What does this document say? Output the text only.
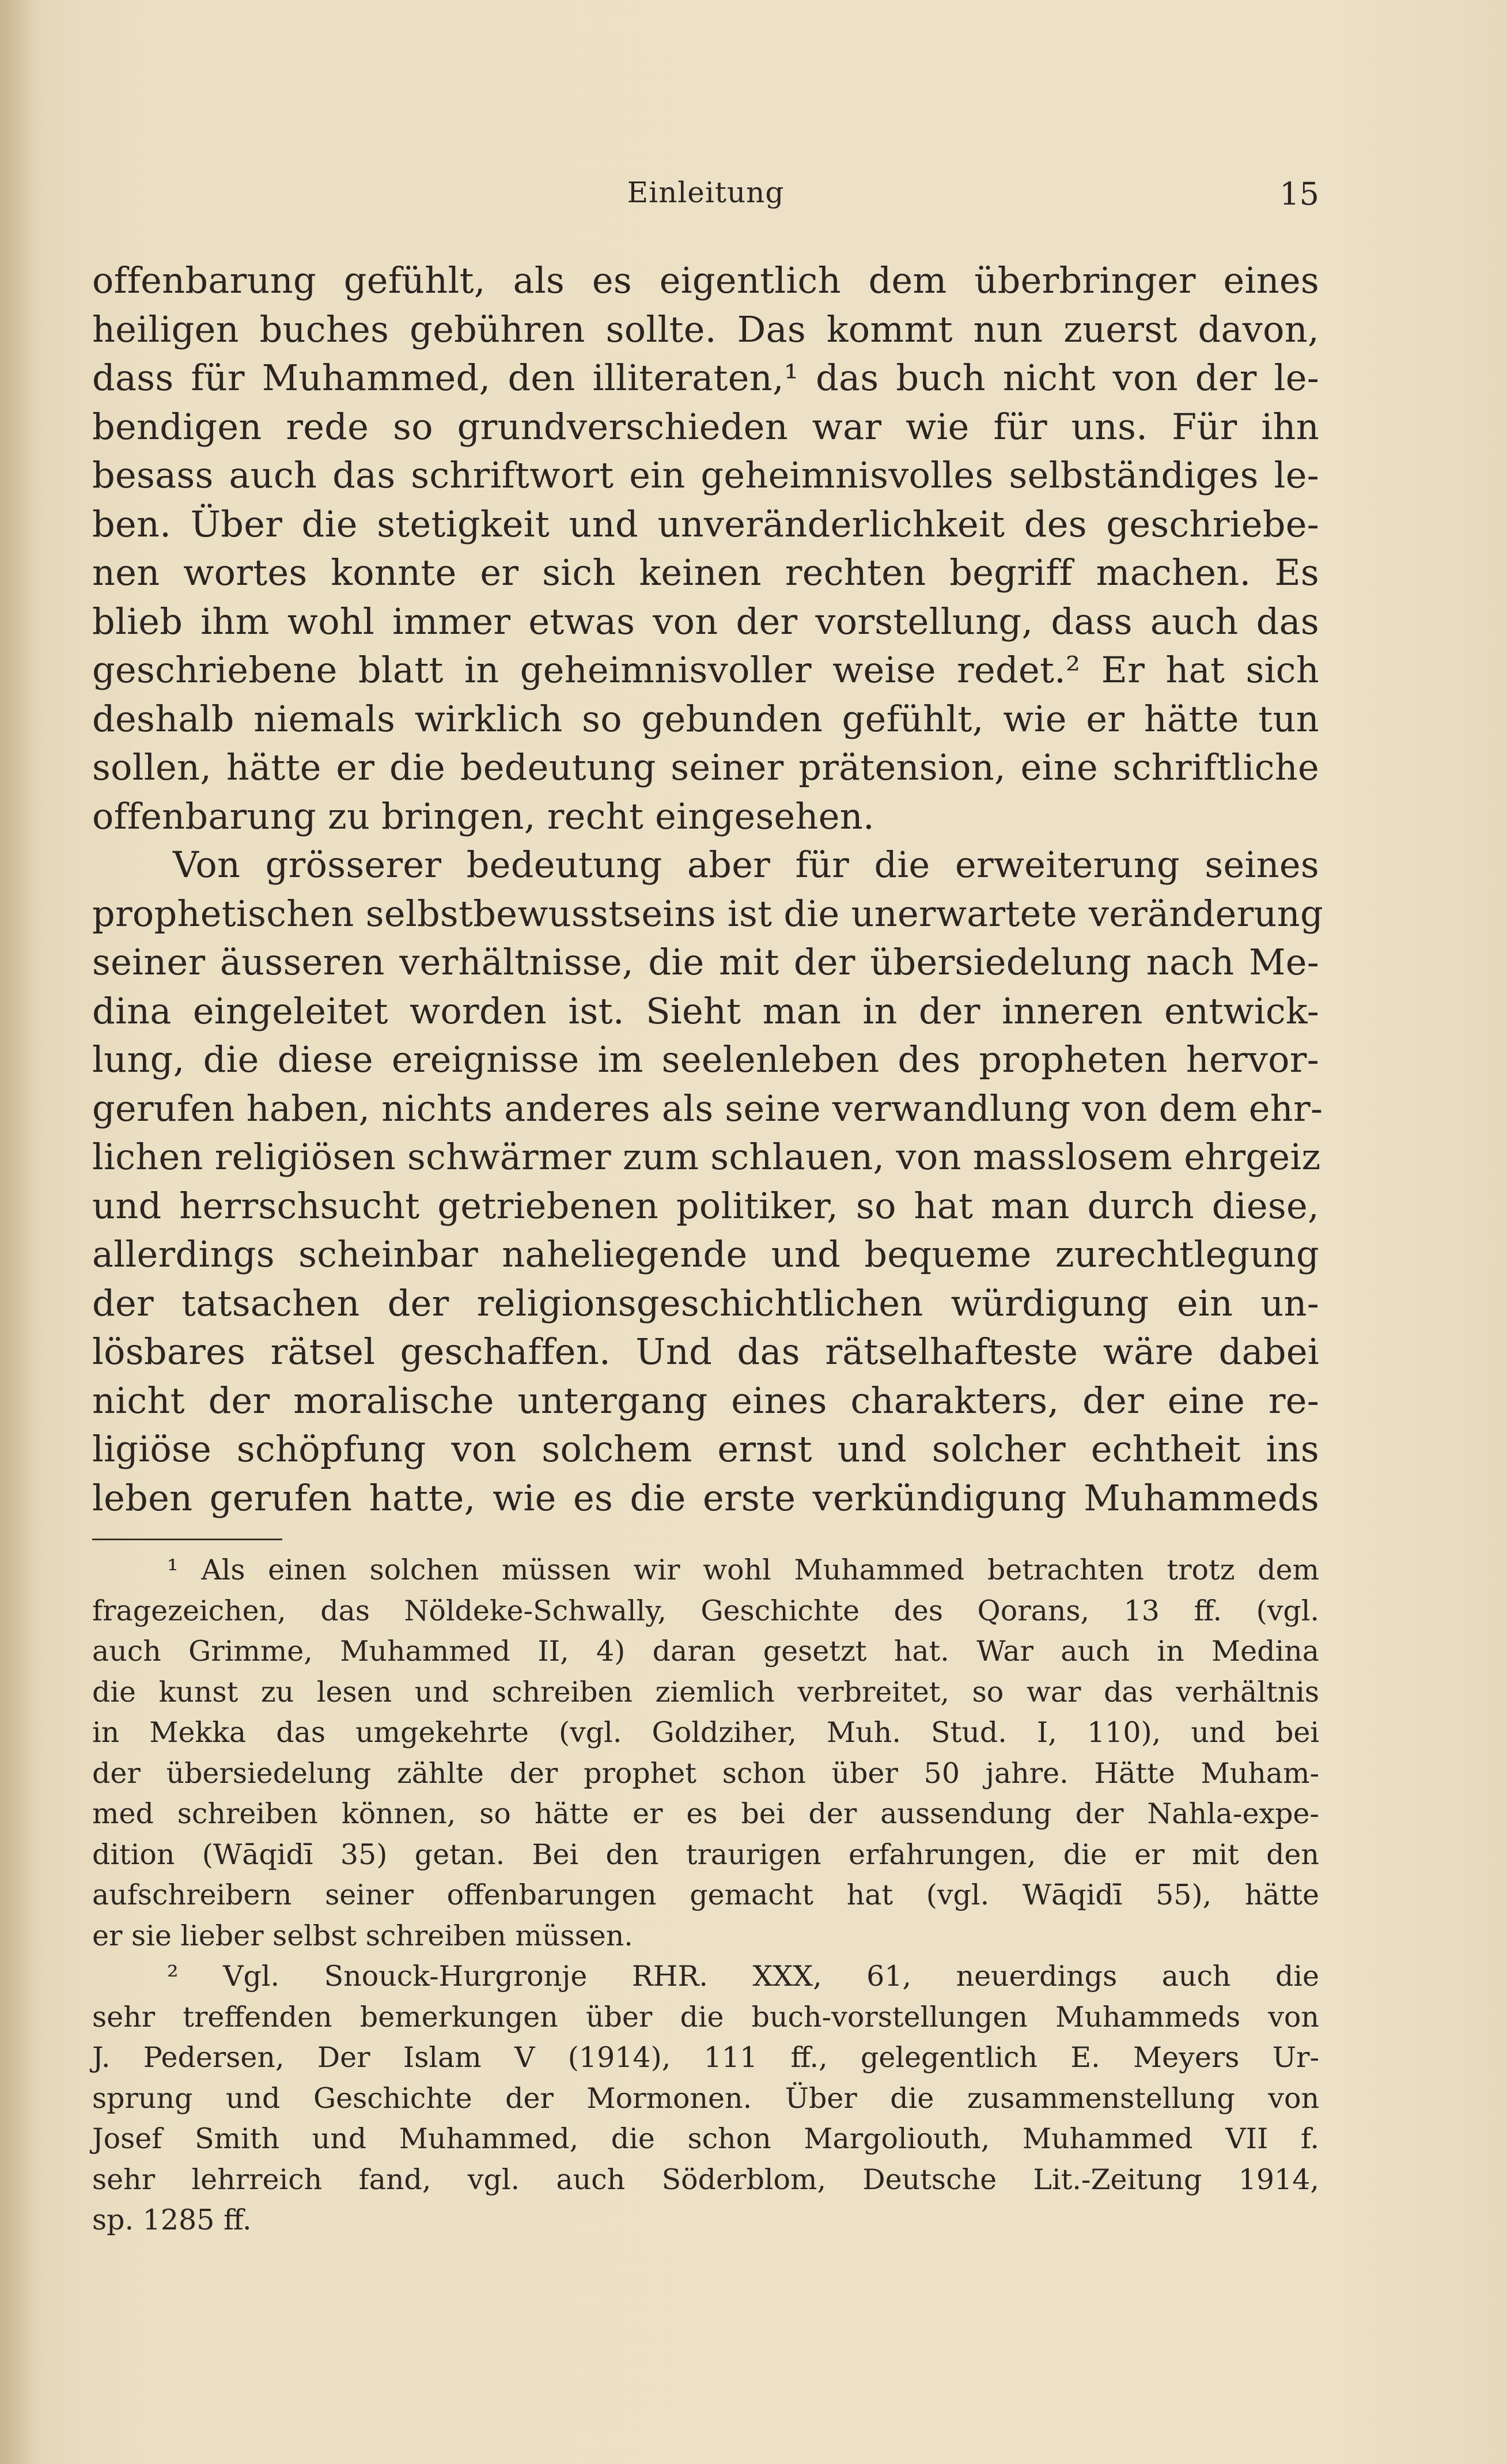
Einleitung	15
offenbarung gefühlt, als es eigentlich dem überbringer eines
heiligen buches gebühren sollte. Das kommt nun zuerst davon,
dass für Muhammed, den illiteraten,¹ das buch nicht von der le-
bendigen rede so grundverschieden war wie für uns. Für ihn
besass auch das schriftwort ein geheimnisvolles selbständiges le-
ben. Über die stetigkeit und unveränderlichkeit des geschriebe-
nen wortes konnte er sich keinen rechten begriff machen. Es
blieb ihm wohl immer etwas von der vorstellung, dass auch das
geschriebene blatt in geheimnisvoller weise redet.² Er hat sich
deshalb niemals wirklich so gebunden gefühlt, wie er hätte tun
sollen, hätte er die bedeutung seiner prätension, eine schriftliche
offenbarung zu bringen, recht eingesehen.
Von grösserer bedeutung aber für die erweiterung seines
prophetischen selbstbewusstseins ist die unerwartete veränderung
seiner äusseren verhältnisse, die mit der übersiedelung nach Me-
dina eingeleitet worden ist. Sieht man in der inneren entwick-
lung, die diese ereignisse im seelenleben des propheten hervor-
gerufen haben, nichts anderes als seine verwandlung von dem ehr-
lichen religiösen schwärmer zum schlauen, von masslosem ehrgeiz
und herrschsucht getriebenen politiker, so hat man durch diese,
allerdings scheinbar naheliegende und bequeme zurechtlegung
der tatsachen der religionsgeschichtlichen würdigung ein un-
lösbares rätsel geschaffen. Und das rätselhafteste wäre dabei
nicht der moralische untergang eines charakters, der eine re-
ligiöse schöpfung von solchem ernst und solcher echtheit ins
leben gerufen hatte, wie es die erste verkündigung Muhammeds
¹ Als einen solchen müssen wir wohl Muhammed betrachten trotz dem
fragezeichen, das Nöldeke-Schwally, Geschichte des Qorans, 13 ff. (vgl.
auch Grimme, Muhammed II, 4) daran gesetzt hat. War auch in Medina
die kunst zu lesen und schreiben ziemlich verbreitet, so war das verhältnis
in Mekka das umgekehrte (vgl. Goldziher, Muh. Stud. I, 110), und bei
der übersiedelung zählte der prophet schon über 50 jahre. Hätte Muham-
med schreiben können, so hätte er es bei der aussendung der Nahla-expe-
dition (Wāqidī 35) getan. Bei den traurigen erfahrungen, die er mit den
aufschreibern seiner offenbarungen gemacht hat (vgl. Wāqidī 55), hätte
er sie lieber selbst schreiben müssen.
² Vgl. Snouck-Hurgronje RHR. XXX, 61, neuerdings auch die
sehr treffenden bemerkungen über die buch-vorstellungen Muhammeds von
J. Pedersen, Der Islam V (1914), 111 ff., gelegentlich E. Meyers Ur-
sprung und Geschichte der Mormonen. Über die zusammenstellung von
Josef Smith und Muhammed, die schon Margoliouth, Muhammed VII f.
sehr lehrreich fand, vgl. auch Söderblom, Deutsche Lit.-Zeitung 1914,
sp. 1285 ff.
